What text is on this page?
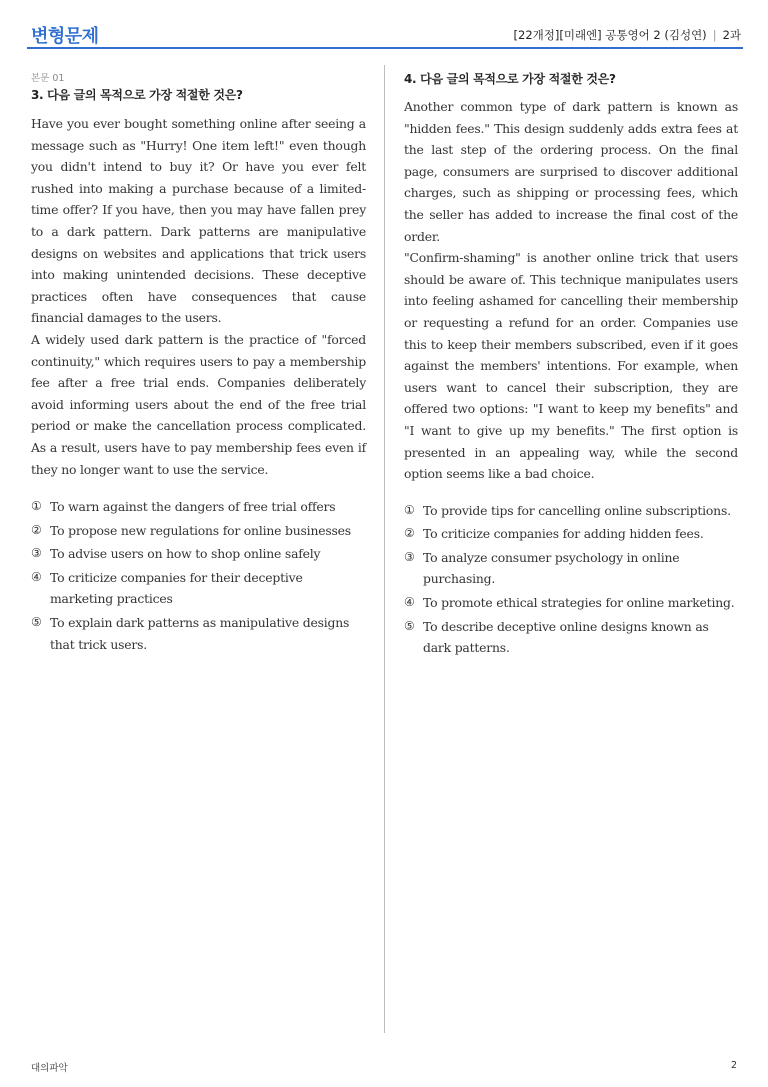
변형문제	[22개정][미래엔] 공통영어 2 (김성연) | 2과
본문 01
3. 다음 글의 목적으로 가장 적절한 것은?

Have you ever bought something online after seeing a message such as "Hurry! One item left!" even though you didn't intend to buy it? Or have you ever felt rushed into making a purchase because of a limited-time offer? If you have, then you may have fallen prey to a dark pattern. Dark patterns are manipulative designs on websites and applications that trick users into making unintended decisions. These deceptive practices often have consequences that cause financial damages to the users.

A widely used dark pattern is the practice of "forced continuity," which requires users to pay a membership fee after a free trial ends. Companies deliberately avoid informing users about the end of the free trial period or make the cancellation process complicated. As a result, users have to pay membership fees even if they no longer want to use the service.

① To warn against the dangers of free trial offers
② To propose new regulations for online businesses
③ To advise users on how to shop online safely
④ To criticize companies for their deceptive marketing practices
⑤ To explain dark patterns as manipulative designs that trick users.
4. 다음 글의 목적으로 가장 적절한 것은?

Another common type of dark pattern is known as "hidden fees." This design suddenly adds extra fees at the last step of the ordering process. On the final page, consumers are surprised to discover additional charges, such as shipping or processing fees, which the seller has added to increase the final cost of the order.

"Confirm-shaming" is another online trick that users should be aware of. This technique manipulates users into feeling ashamed for cancelling their membership or requesting a refund for an order. Companies use this to keep their members subscribed, even if it goes against the members' intentions. For example, when users want to cancel their subscription, they are offered two options: "I want to keep my benefits" and "I want to give up my benefits." The first option is presented in an appealing way, while the second option seems like a bad choice.

① To provide tips for cancelling online subscriptions.
② To criticize companies for adding hidden fees.
③ To analyze consumer psychology in online purchasing.
④ To promote ethical strategies for online marketing.
⑤ To describe deceptive online designs known as dark patterns.
대의파악	2
